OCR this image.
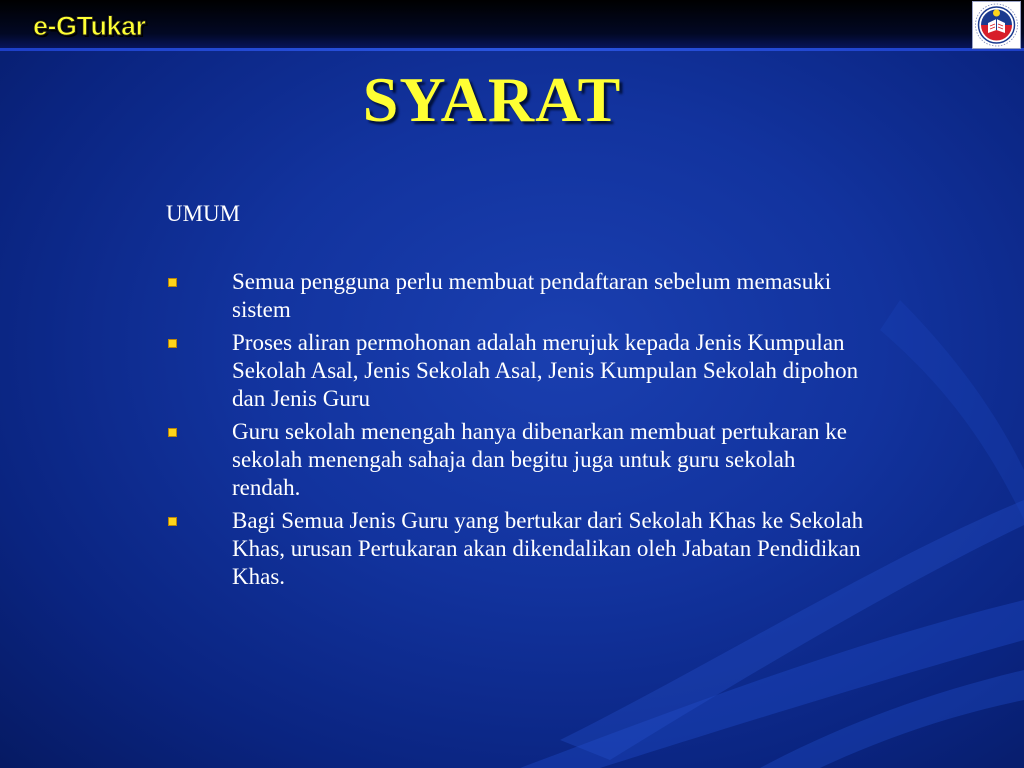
e-GTukar
SYARAT
UMUM
Semua pengguna perlu membuat pendaftaran sebelum memasuki sistem
Proses aliran permohonan adalah merujuk kepada Jenis Kumpulan Sekolah Asal, Jenis Sekolah Asal, Jenis Kumpulan Sekolah dipohon dan Jenis Guru
Guru sekolah menengah hanya dibenarkan membuat pertukaran ke sekolah menengah sahaja dan begitu juga untuk guru sekolah rendah.
Bagi Semua Jenis Guru yang bertukar dari Sekolah Khas ke Sekolah Khas, urusan Pertukaran akan dikendalikan oleh Jabatan Pendidikan Khas.
